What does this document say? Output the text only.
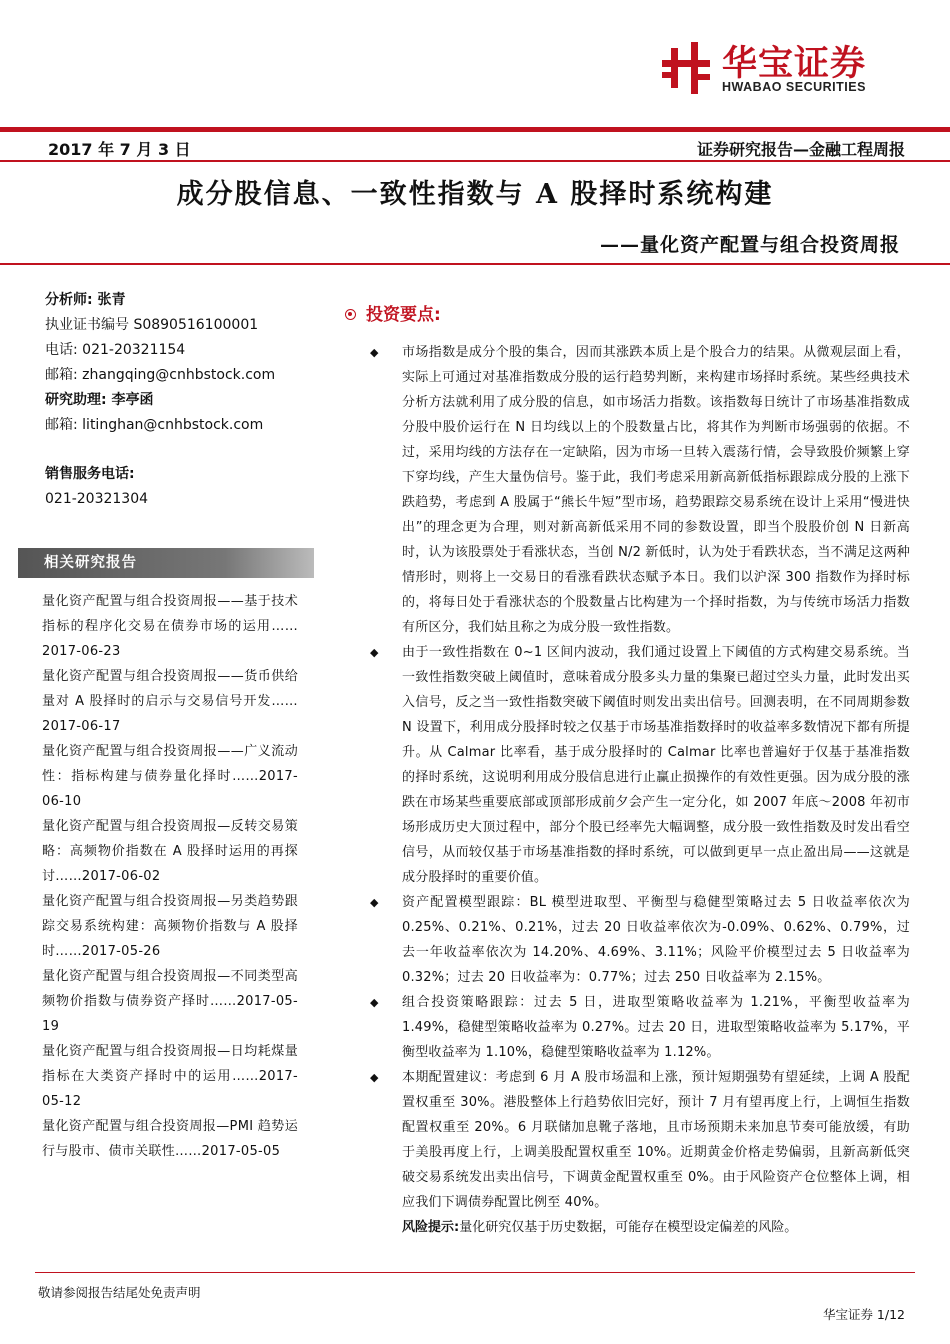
华宝证券
HWABAO SECURITIES
2017 年 7 月 3 日	证券研究报告—金融工程周报
成分股信息、一致性指数与 A 股择时系统构建
——量化资产配置与组合投资周报
分析师: 张青
执业证书编号 S0890516100001
电话: 021-20321154
邮箱: zhangqing@cnhbstock.com
研究助理: 李亭函
邮箱: litinghan@cnhbstock.com
销售服务电话:
021-20321304
相关研究报告
量化资产配置与组合投资周报——基于技术指标的程序化交易在债券市场的运用……2017-06-23
量化资产配置与组合投资周报——货币供给量对 A 股择时的启示与交易信号开发……2017-06-17
量化资产配置与组合投资周报——广义流动性：指标构建与债券量化择时……2017-06-10
量化资产配置与组合投资周报—反转交易策略：高频物价指数在 A 股择时运用的再探讨……2017-06-02
量化资产配置与组合投资周报—另类趋势跟踪交易系统构建：高频物价指数与 A 股择时……2017-05-26
量化资产配置与组合投资周报—不同类型高频物价指数与债券资产择时……2017-05-19
量化资产配置与组合投资周报—日均耗煤量指标在大类资产择时中的运用……2017-05-12
量化资产配置与组合投资周报—PMI 趋势运行与股市、债市关联性……2017-05-05
投资要点:
◆ 市场指数是成分个股的集合，因而其涨跌本质上是个股合力的结果。从微观层面上看，实际上可通过对基准指数成分股的运行趋势判断，来构建市场择时系统。某些经典技术分析方法就利用了成分股的信息，如市场活力指数。该指数每日统计了市场基准指数成分股中股价运行在 N 日均线以上的个股数量占比，将其作为判断市场强弱的依据。不过，采用均线的方法存在一定缺陷，因为市场一旦转入震荡行情，会导致股价频繁上穿下穿均线，产生大量伪信号。鉴于此，我们考虑采用新高新低指标跟踪成分股的上涨下跌趋势，考虑到 A 股属于“熊长牛短”型市场，趋势跟踪交易系统在设计上采用“慢进快出”的理念更为合理，则对新高新低采用不同的参数设置，即当个股股价创 N 日新高时，认为该股票处于看涨状态，当创 N/2 新低时，认为处于看跌状态，当不满足这两种情形时，则将上一交易日的看涨看跌状态赋予本日。我们以沪深 300 指数作为择时标的，将每日处于看涨状态的个股数量占比构建为一个择时指数，为与传统市场活力指数有所区分，我们姑且称之为成分股一致性指数。
◆ 由于一致性指数在 0~1 区间内波动，我们通过设置上下阈值的方式构建交易系统。当一致性指数突破上阈值时，意味着成分股多头力量的集聚已超过空头力量，此时发出买入信号，反之当一致性指数突破下阈值时则发出卖出信号。回测表明，在不同周期参数 N 设置下，利用成分股择时较之仅基于市场基准指数择时的收益率多数情况下都有所提升。从 Calmar 比率看，基于成分股择时的 Calmar 比率也普遍好于仅基于基准指数的择时系统，这说明利用成分股信息进行止赢止损操作的有效性更强。因为成分股的涨跌在市场某些重要底部或顶部形成前夕会产生一定分化，如 2007 年底～2008 年初市场形成历史大顶过程中，部分个股已经率先大幅调整，成分股一致性指数及时发出看空信号，从而较仅基于市场基准指数的择时系统，可以做到更早一点止盈出局——这就是成分股择时的重要价值。
◆ 资产配置模型跟踪：BL 模型进取型、平衡型与稳健型策略过去 5 日收益率依次为 0.25%、0.21%、0.21%，过去 20 日收益率依次为-0.09%、0.62%、0.79%，过去一年收益率依次为 14.20%、4.69%、3.11%；风险平价模型过去 5 日收益率为 0.32%；过去 20 日收益率为：0.77%；过去 250 日收益率为 2.15%。
◆ 组合投资策略跟踪：过去 5 日，进取型策略收益率为 1.21%，平衡型收益率为 1.49%，稳健型策略收益率为 0.27%。过去 20 日，进取型策略收益率为 5.17%，平衡型收益率为 1.10%，稳健型策略收益率为 1.12%。
◆ 本期配置建议：考虑到 6 月 A 股市场温和上涨，预计短期强势有望延续，上调 A 股配置权重至 30%。港股整体上行趋势依旧完好，预计 7 月有望再度上行，上调恒生指数配置权重至 20%。6 月联储加息靴子落地，且市场预期未来加息节奏可能放缓，有助于美股再度上行，上调美股配置权重至 10%。近期黄金价格走势偏弱，且新高新低突破交易系统发出卖出信号，下调黄金配置权重至 0%。由于风险资产仓位整体上调，相应我们下调债券配置比例至 40%。
风险提示:量化研究仅基于历史数据，可能存在模型设定偏差的风险。
敬请参阅报告结尾处免责声明
华宝证券 1/12
